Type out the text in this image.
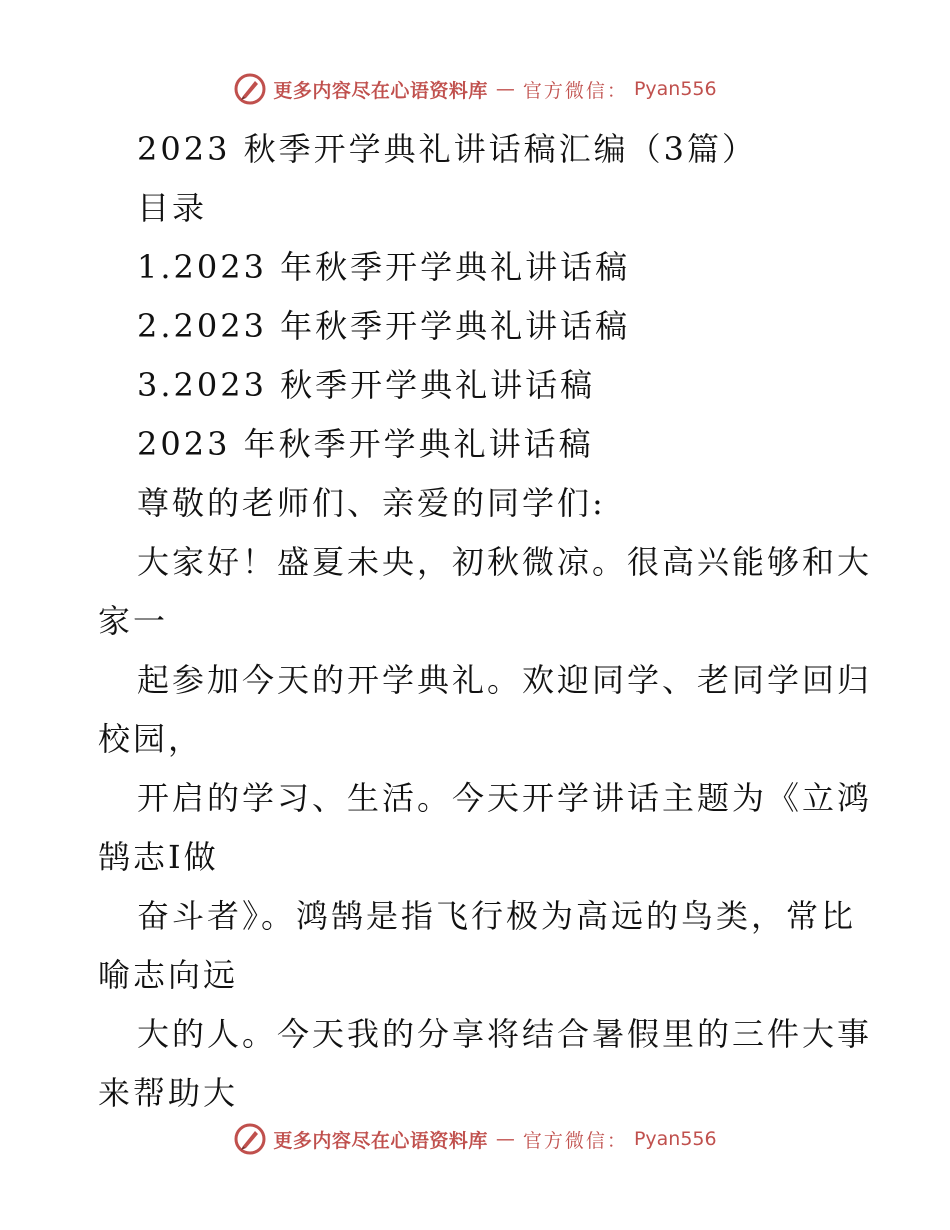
更多内容尽在心语资料库 — 官方微信： Pyan556
2023 秋季开学典礼讲话稿汇编（3篇）
目录
1.2023 年秋季开学典礼讲话稿
2.2023 年秋季开学典礼讲话稿
3.2023 秋季开学典礼讲话稿
2023 年秋季开学典礼讲话稿
尊敬的老师们、亲爱的同学们:
大家好！盛夏未央，初秋微凉。很高兴能够和大
家一
起参加今天的开学典礼。欢迎同学、老同学回归
校园，
开启的学习、生活。今天开学讲话主题为《立鸿
鹄志I做
奋斗者》。鸿鹄是指飞行极为高远的鸟类，常比
喻志向远
大的人。今天我的分享将结合暑假里的三件大事
来帮助大
更多内容尽在心语资料库 — 官方微信： Pyan556
